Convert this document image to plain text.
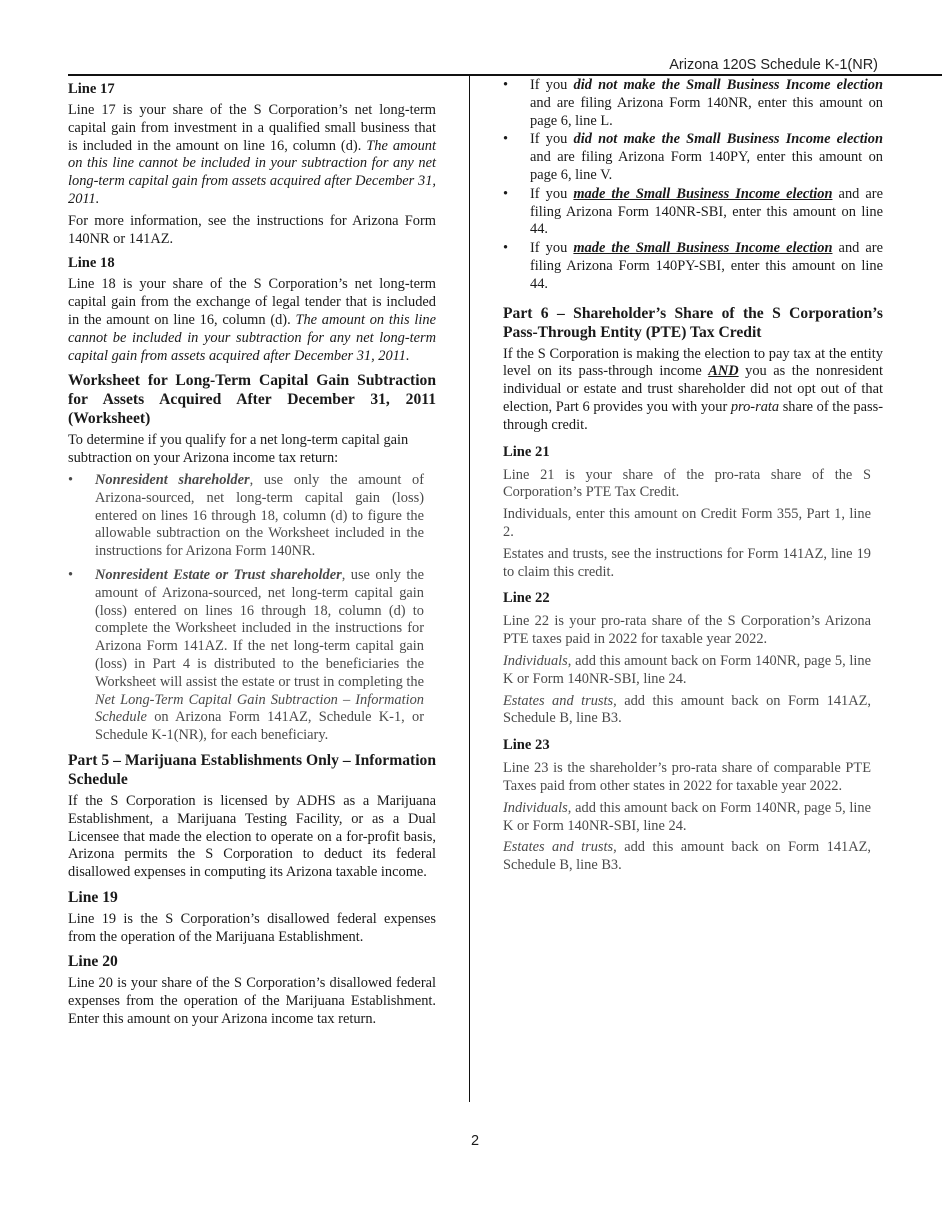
Arizona 120S Schedule K-1(NR)
Line 17

Line 17 is your share of the S Corporation’s net long-term capital gain from investment in a qualified small business that is included in the amount on line 16, column (d). The amount on this line cannot be included in your subtraction for any net long-term capital gain from assets acquired after December 31, 2011.

For more information, see the instructions for Arizona Form 140NR or 141AZ.

Line 18

Line 18 is your share of the S Corporation’s net long-term capital gain from the exchange of legal tender that is included in the amount on line 16, column (d). The amount on this line cannot be included in your subtraction for any net long-term capital gain from assets acquired after December 31, 2011.

Worksheet for Long-Term Capital Gain Subtraction for Assets Acquired After December 31, 2011 (Worksheet)

To determine if you qualify for a net long-term capital gain subtraction on your Arizona income tax return:

• Nonresident shareholder, use only the amount of Arizona-sourced, net long-term capital gain (loss) entered on lines 16 through 18, column (d) to figure the allowable subtraction on the Worksheet included in the instructions for Arizona Form 140NR.
• Nonresident Estate or Trust shareholder, use only the amount of Arizona-sourced, net long-term capital gain (loss) entered on lines 16 through 18, column (d) to complete the Worksheet included in the instructions for Arizona Form 141AZ. If the net long-term capital gain (loss) in Part 4 is distributed to the beneficiaries the Worksheet will assist the estate or trust in completing the Net Long-Term Capital Gain Subtraction – Information Schedule on Arizona Form 141AZ, Schedule K-1, or Schedule K-1(NR), for each beneficiary.
Part 5 – Marijuana Establishments Only – Information Schedule

If the S Corporation is licensed by ADHS as a Marijuana Establishment, a Marijuana Testing Facility, or as a Dual Licensee that made the election to operate on a for-profit basis, Arizona permits the S Corporation to deduct its federal disallowed expenses in computing its Arizona taxable income.

Line 19

Line 19 is the S Corporation’s disallowed federal expenses from the operation of the Marijuana Establishment.

Line 20

Line 20 is your share of the S Corporation’s disallowed federal expenses from the operation of the Marijuana Establishment. Enter this amount on your Arizona income tax return.

• If you did not make the Small Business Income election and are filing Arizona Form 140NR, enter this amount on page 6, line L.
• If you did not make the Small Business Income election and are filing Arizona Form 140PY, enter this amount on page 6, line V.
• If you made the Small Business Income election and are filing Arizona Form 140NR-SBI, enter this amount on line 44.
• If you made the Small Business Income election and are filing Arizona Form 140PY-SBI, enter this amount on line 44.
Part 6 – Shareholder’s Share of the S Corporation’s Pass-Through Entity (PTE) Tax Credit

If the S Corporation is making the election to pay tax at the entity level on its pass-through income AND you as the nonresident individual or estate and trust shareholder did not opt out of that election, Part 6 provides you with your pro-rata share of the pass-through credit.

Line 21

Line 21 is your share of the pro-rata share of the S Corporation’s PTE Tax Credit.

Individuals, enter this amount on Credit Form 355, Part 1, line 2.

Estates and trusts, see the instructions for Form 141AZ, line 19 to claim this credit.

Line 22

Line 22 is your pro-rata share of the S Corporation’s Arizona PTE taxes paid in 2022 for taxable year 2022.

Individuals, add this amount back on Form 140NR, page 5, line K or Form 140NR-SBI, line 24.

Estates and trusts, add this amount back on Form 141AZ, Schedule B, line B3.

Line 23

Line 23 is the shareholder’s pro-rata share of comparable PTE Taxes paid from other states in 2022 for taxable year 2022.

Individuals, add this amount back on Form 140NR, page 5, line K or Form 140NR-SBI, line 24.

Estates and trusts, add this amount back on Form 141AZ, Schedule B, line B3.

2
